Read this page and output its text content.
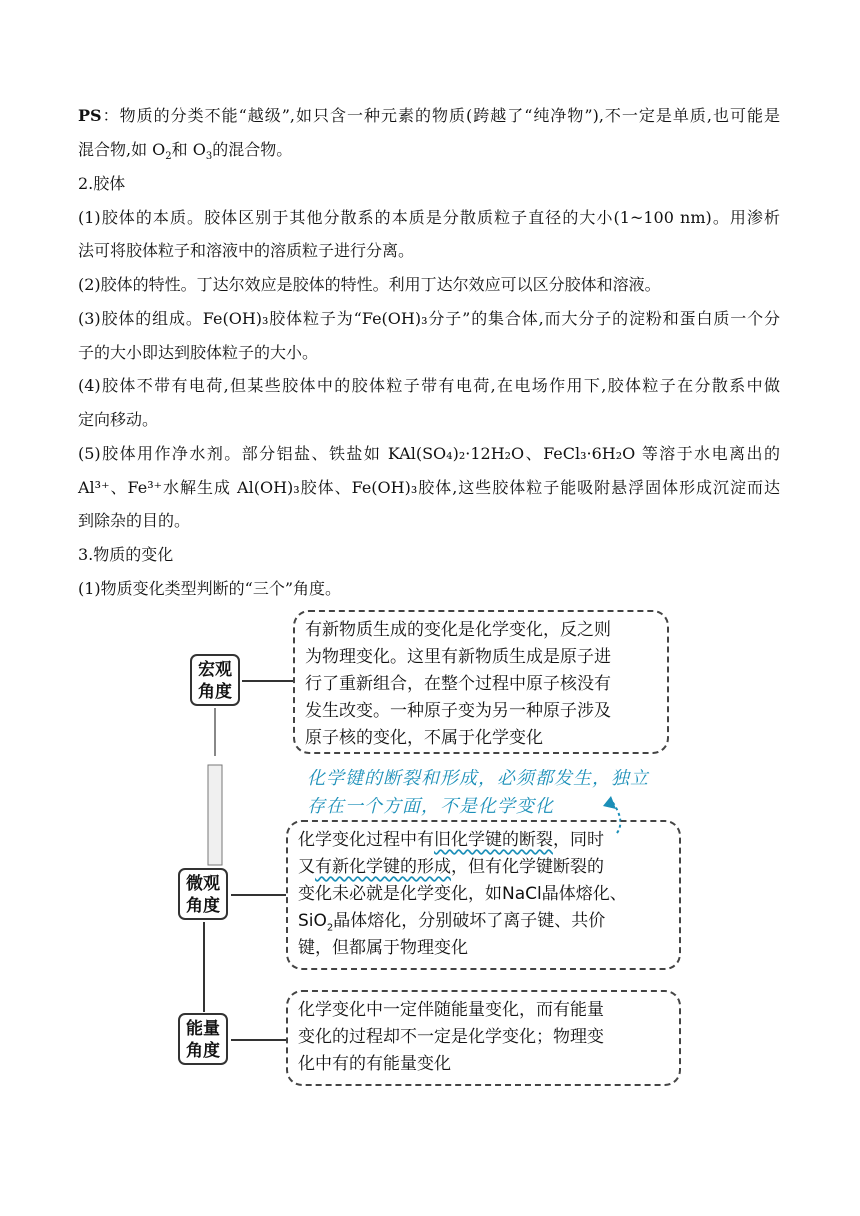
PS：物质的分类不能“越级”,如只含一种元素的物质(跨越了“纯净物”),不一定是单质,也可能是
混合物,如 $O_2$和 $O_3$的混合物。
2.胶体
(1)胶体的本质。胶体区别于其他分散系的本质是分散质粒子直径的大小(1~100 nm)。用渗析
法可将胶体粒子和溶液中的溶质粒子进行分离。
(2)胶体的特性。丁达尔效应是胶体的特性。利用丁达尔效应可以区分胶体和溶液。
(3)胶体的组成。Fe(OH)₃胶体粒子为“Fe(OH)₃分子”的集合体,而大分子的淀粉和蛋白质一个分
子的大小即达到胶体粒子的大小。
(4)胶体不带有电荷,但某些胶体中的胶体粒子带有电荷,在电场作用下,胶体粒子在分散系中做
定向移动。
(5)胶体用作净水剂。部分铝盐、铁盐如 KAl(SO₄)₂·12H₂O、FeCl₃·6H₂O 等溶于水电离出的
Al³⁺、Fe³⁺水解生成 Al(OH)₃胶体、Fe(OH)₃胶体,这些胶体粒子能吸附悬浮固体形成沉淀而达
到除杂的目的。
3.物质的变化
(1)物质变化类型判断的“三个”角度。
宏观
角度
有新物质生成的变化是化学变化，反之则
为物理变化。这里有新物质生成是原子进
行了重新组合，在整个过程中原子核没有
发生改变。一种原子变为另一种原子涉及
原子核的变化，不属于化学变化
化学键的断裂和形成，必须都发生，独立
存在一个方面，不是化学变化
微观
角度
化学变化过程中有旧化学键的断裂，同时
又有新化学键的形成，但有化学键断裂的
变化未必就是化学变化，如NaCl晶体熔化、
SiO$_2$晶体熔化，分别破坏了离子键、共价
键，但都属于物理变化
能量
角度
化学变化中一定伴随能量变化，而有能量
变化的过程却不一定是化学变化；物理变
化中有的有能量变化
